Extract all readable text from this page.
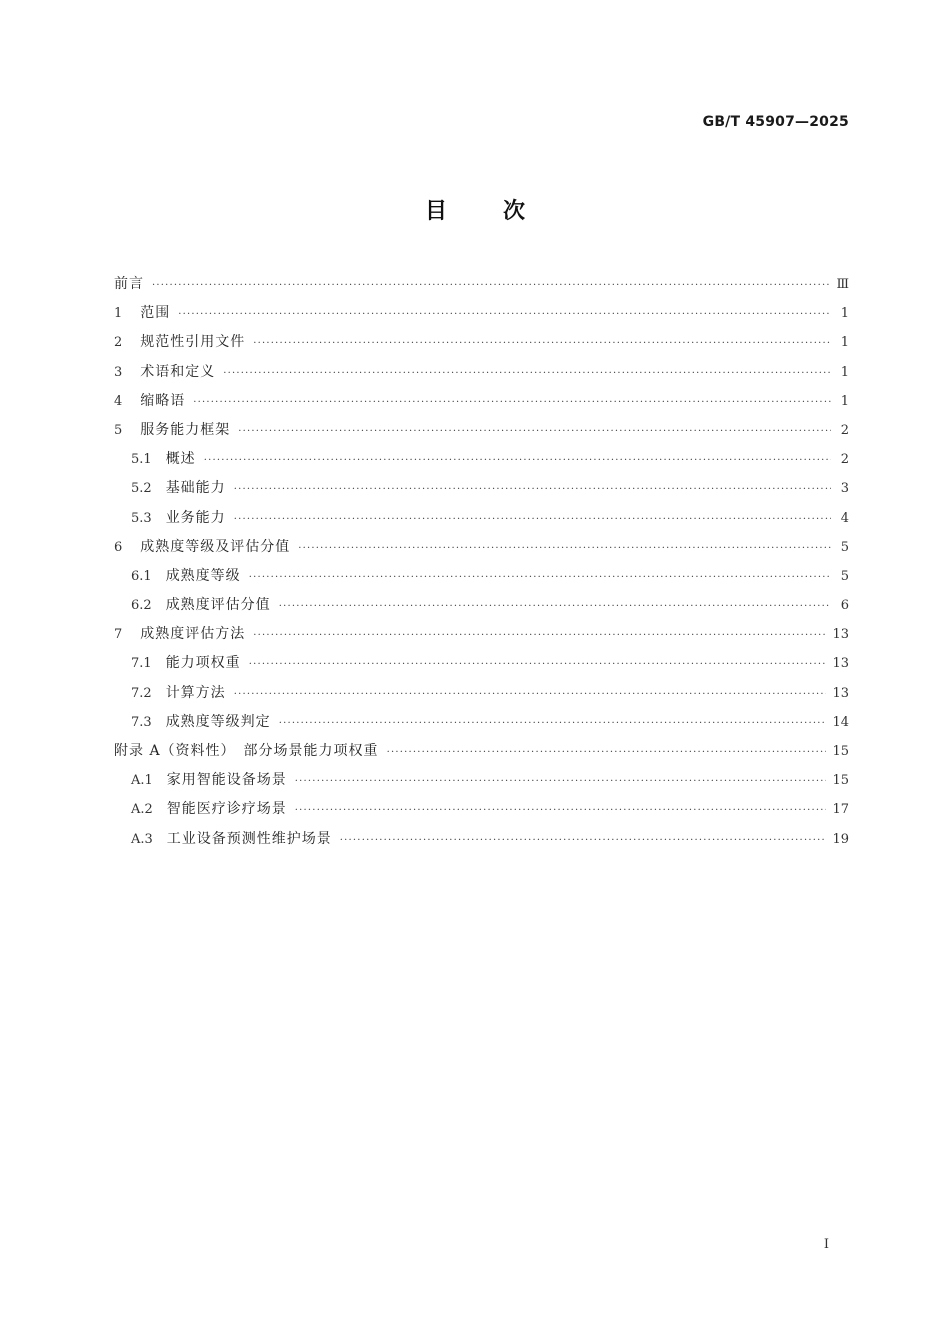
GB/T 45907—2025
目	次
前言 ·····	Ⅲ
1 范围 ·····	1
2 规范性引用文件 ·····	1
3 术语和定义 ·····	1
4 缩略语 ·····	1
5 服务能力框架 ·····	2
5.1 概述 ·····	2
5.2 基础能力 ·····	3
5.3 业务能力 ·····	4
6 成熟度等级及评估分值 ·····	5
6.1 成熟度等级 ·····	5
6.2 成熟度评估分值 ·····	6
7 成熟度评估方法 ·····	13
7.1 能力项权重 ·····	13
7.2 计算方法 ·····	13
7.3 成熟度等级判定 ·····	14
附录 A（资料性）　部分场景能力项权重 ·····	15
A.1 家用智能设备场景 ·····	15
A.2 智能医疗诊疗场景 ·····	17
A.3 工业设备预测性维护场景 ·····	19
I
